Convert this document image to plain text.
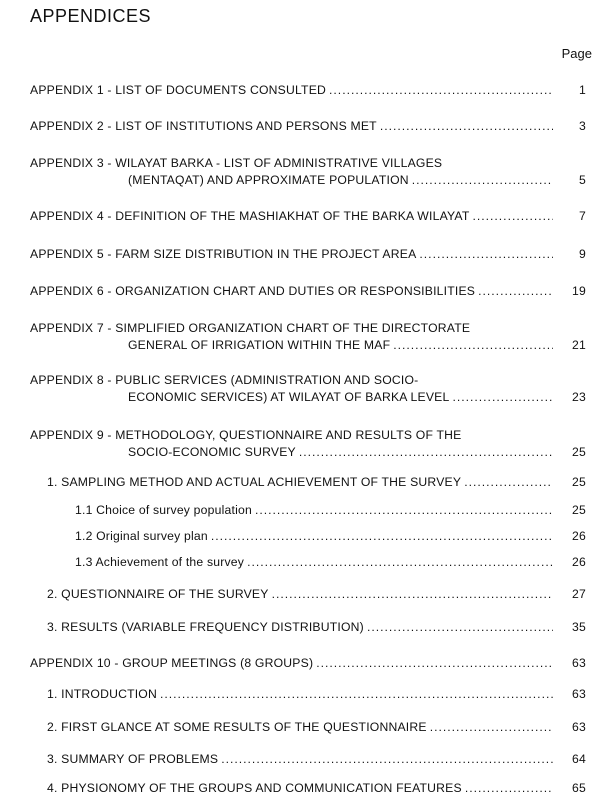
APPENDICES
Page
APPENDIX 1 - LIST OF DOCUMENTS CONSULTED .....	1
APPENDIX 2 - LIST OF INSTITUTIONS AND PERSONS MET .....	3
APPENDIX 3 - WILAYAT BARKA - LIST OF ADMINISTRATIVE VILLAGES
(MENTAQAT) AND APPROXIMATE POPULATION .....	5
APPENDIX 4 - DEFINITION OF THE MASHIAKHAT OF THE BARKA WILAYAT .....	7
APPENDIX 5 - FARM SIZE DISTRIBUTION IN THE PROJECT AREA .....	9
APPENDIX 6 - ORGANIZATION CHART AND DUTIES OR RESPONSIBILITIES .....	19
APPENDIX 7 - SIMPLIFIED ORGANIZATION CHART OF THE DIRECTORATE
GENERAL OF IRRIGATION WITHIN THE MAF .....	21
APPENDIX 8 - PUBLIC SERVICES (ADMINISTRATION AND SOCIO-
ECONOMIC SERVICES) AT WILAYAT OF BARKA LEVEL .....	23
APPENDIX 9 - METHODOLOGY, QUESTIONNAIRE AND RESULTS OF THE
SOCIO-ECONOMIC SURVEY .....	25
1. SAMPLING METHOD AND ACTUAL ACHIEVEMENT OF THE SURVEY .....	25
1.1 Choice of survey population .....	25
1.2 Original survey plan .....	26
1.3 Achievement of the survey .....	26
2. QUESTIONNAIRE OF THE SURVEY .....	27
3. RESULTS (VARIABLE FREQUENCY DISTRIBUTION) .....	35
APPENDIX 10 - GROUP MEETINGS (8 GROUPS) .....	63
1. INTRODUCTION .....	63
2. FIRST GLANCE AT SOME RESULTS OF THE QUESTIONNAIRE .....	63
3. SUMMARY OF PROBLEMS .....	64
4. PHYSIONOMY OF THE GROUPS AND COMMUNICATION FEATURES .....	65
